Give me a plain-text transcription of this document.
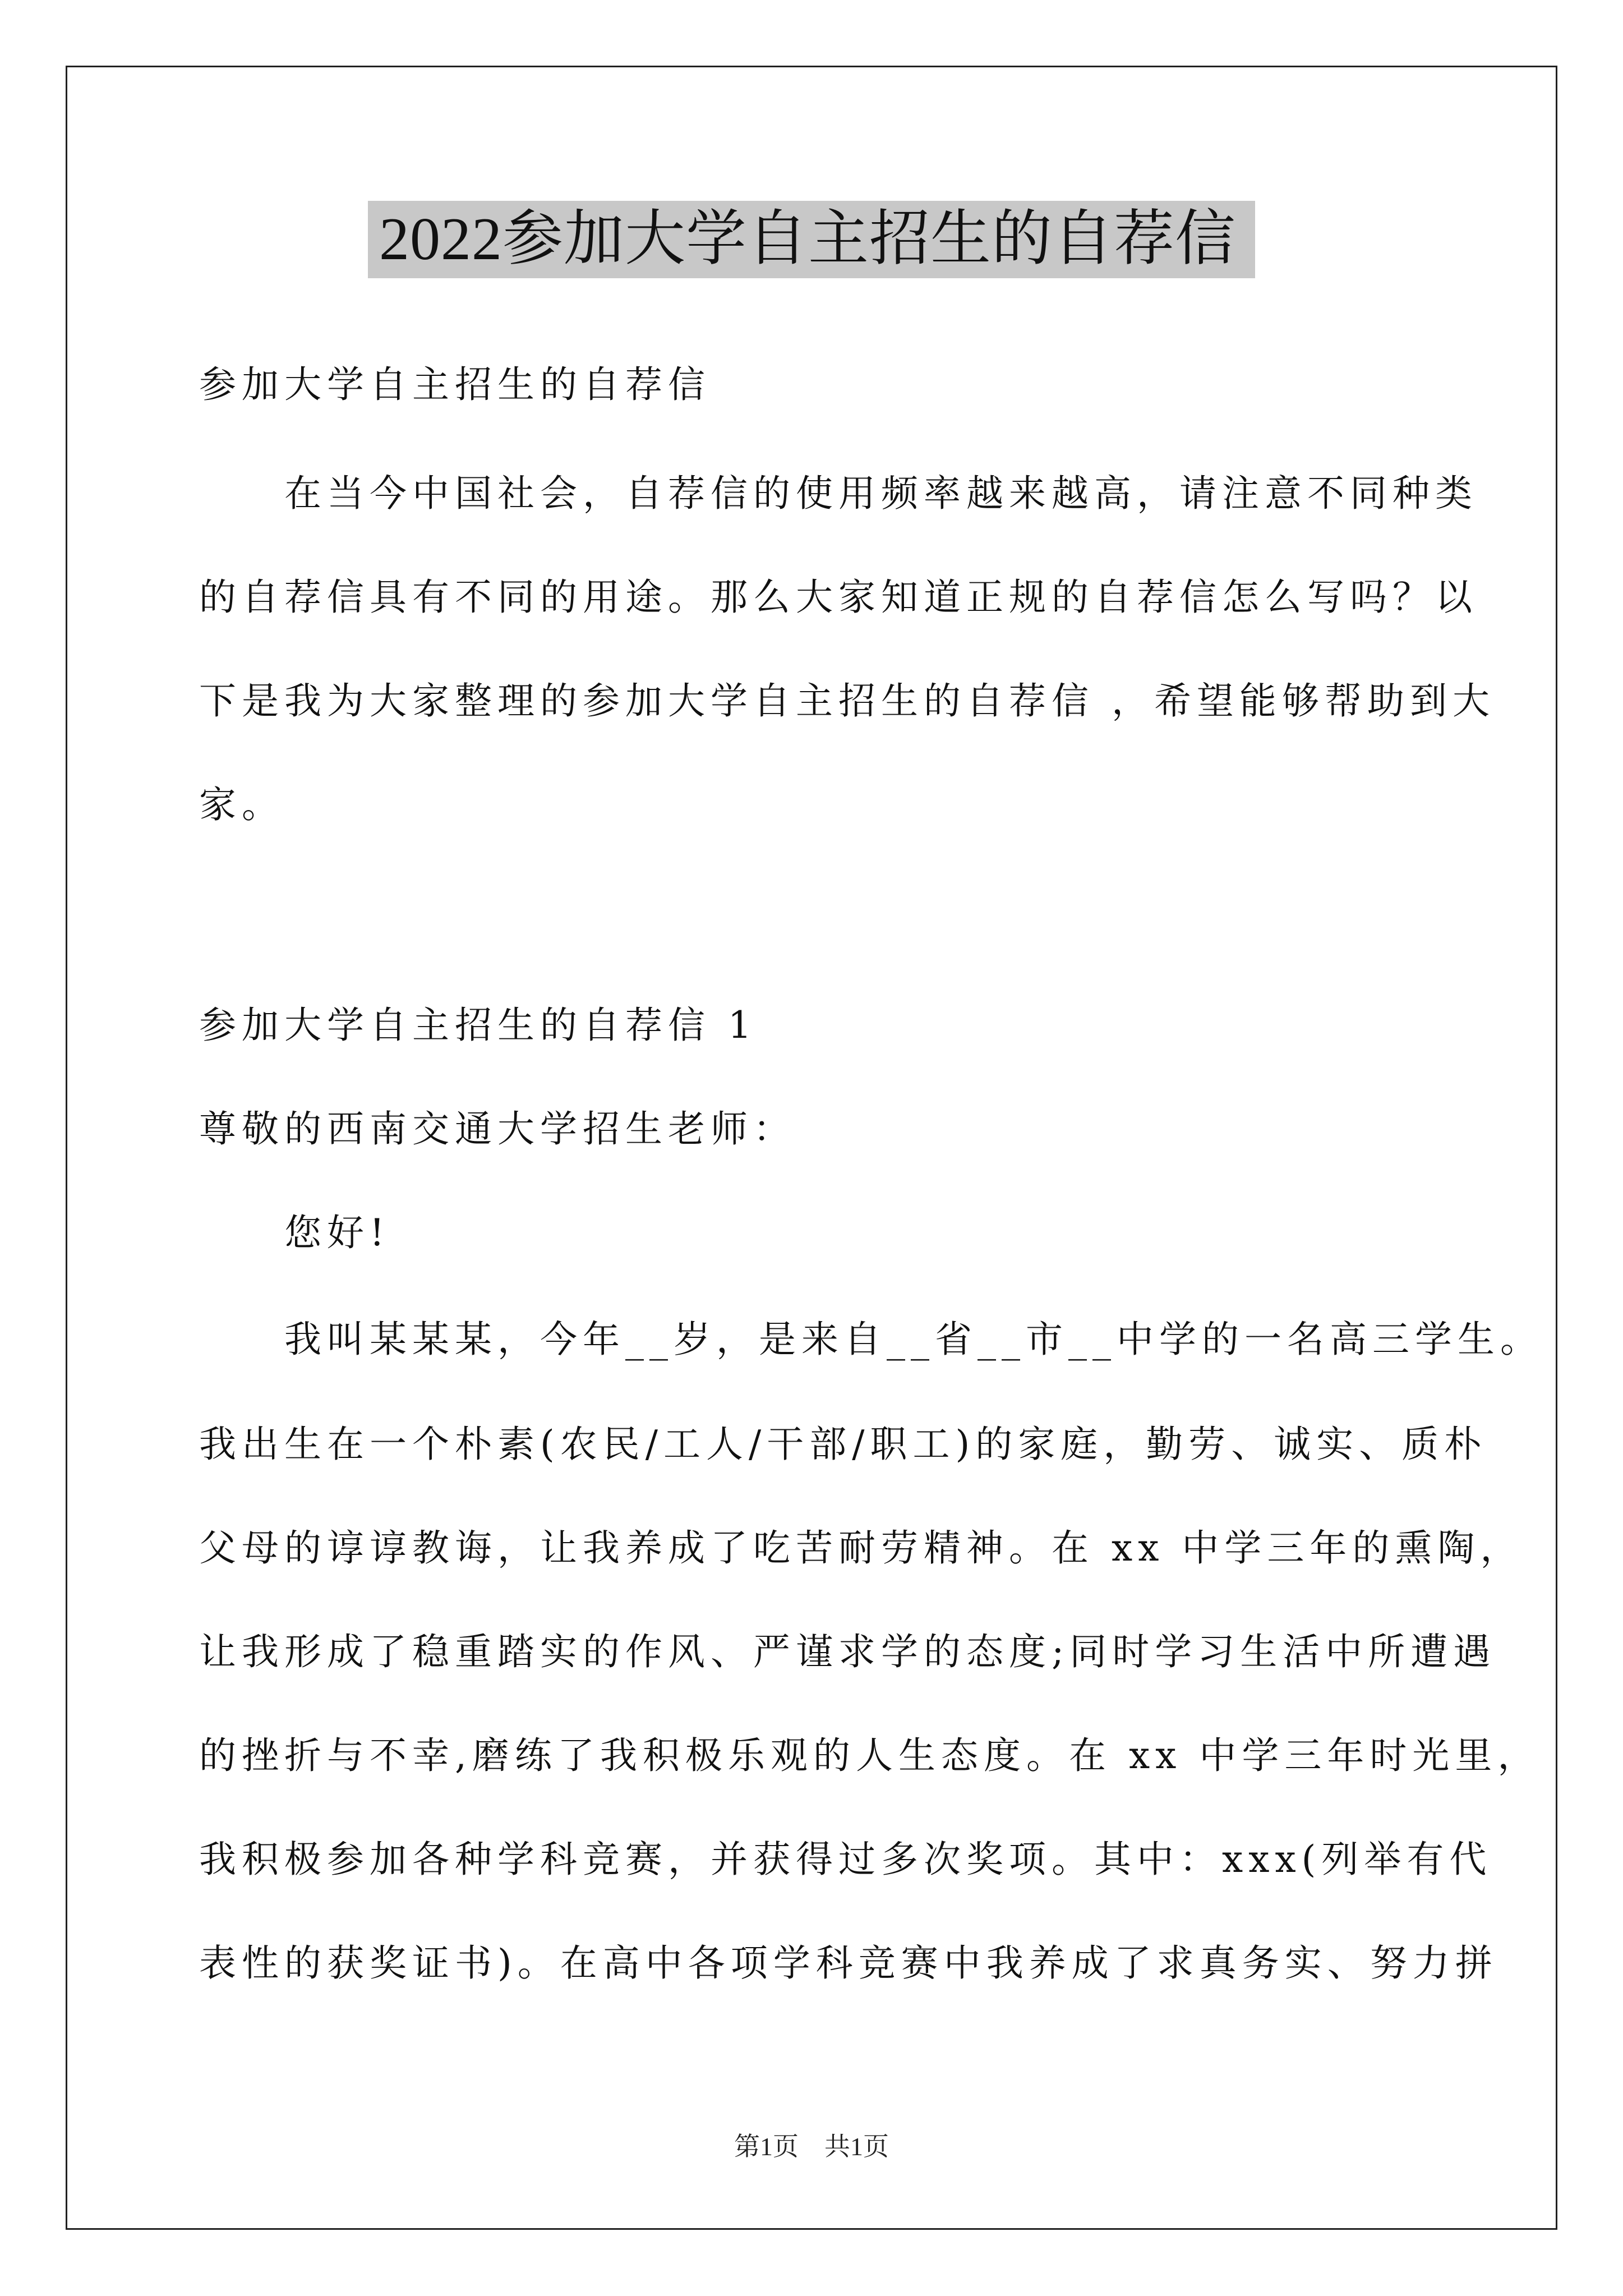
2022参加大学自主招生的自荐信
参加大学自主招生的自荐信
　　在当今中国社会，自荐信的使用频率越来越高，请注意不同种类
的自荐信具有不同的用途。那么大家知道正规的自荐信怎么写吗？以
下是我为大家整理的参加大学自主招生的自荐信 ，希望能够帮助到大
家。
参加大学自主招生的自荐信 1
尊敬的西南交通大学招生老师：
　　您好!
　　我叫某某某，今年__岁，是来自__省__市__中学的一名高三学生。
我出生在一个朴素(农民/工人/干部/职工)的家庭，勤劳、诚实、质朴
父母的谆谆教诲，让我养成了吃苦耐劳精神。在 xx 中学三年的熏陶，
让我形成了稳重踏实的作风、严谨求学的态度;同时学习生活中所遭遇
的挫折与不幸,磨练了我积极乐观的人生态度。在 xx 中学三年时光里，
我积极参加各种学科竞赛，并获得过多次奖项。其中：xxx(列举有代
表性的获奖证书)。在高中各项学科竞赛中我养成了求真务实、努力拼
第1页　共1页
